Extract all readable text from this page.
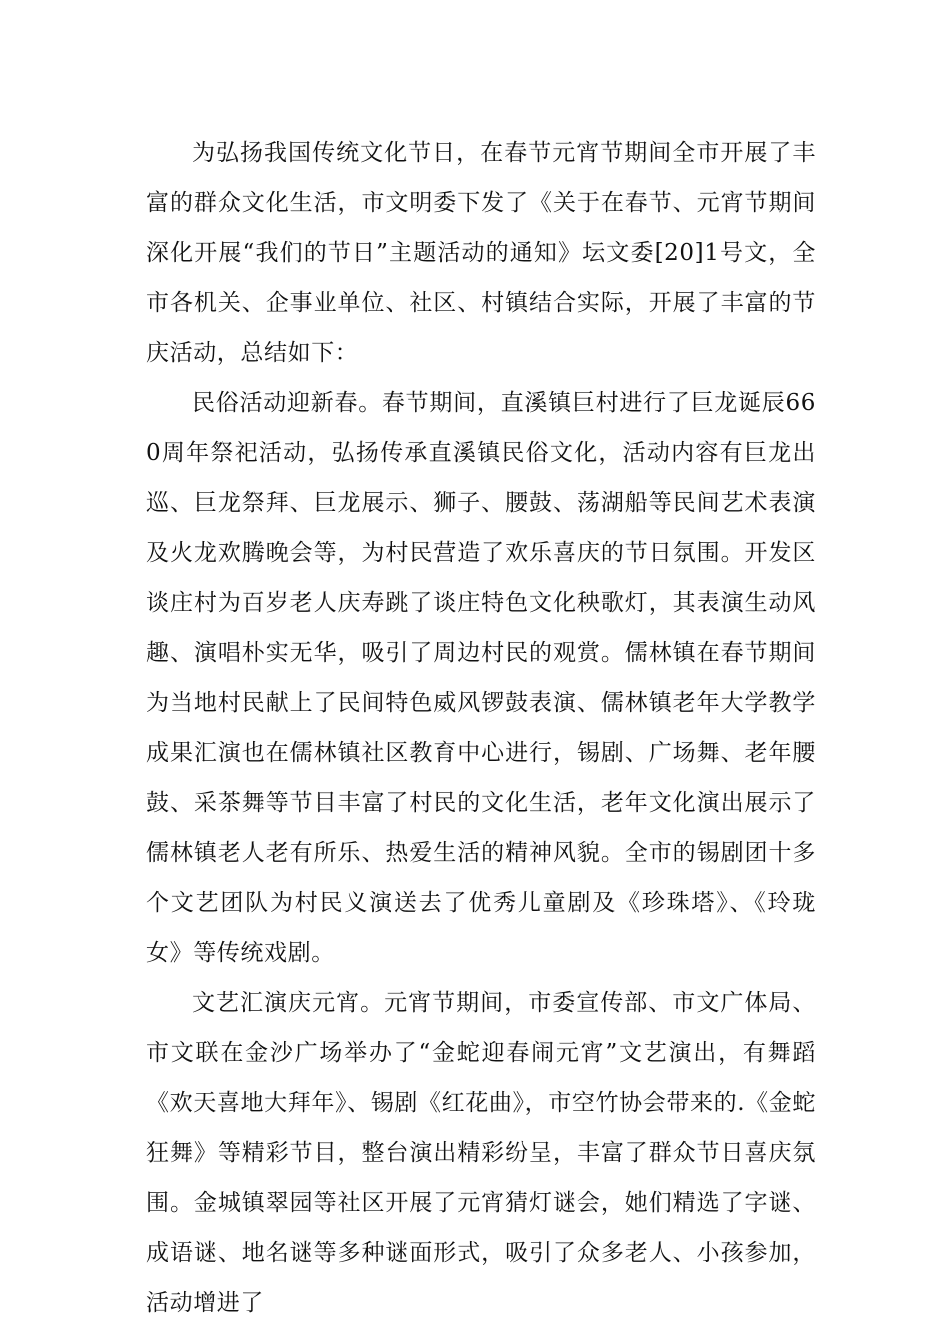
为弘扬我国传统文化节日，在春节元宵节期间全市开展了丰富的群众文化生活，市文明委下发了《关于在春节、元宵节期间深化开展“我们的节日”主题活动的通知》坛文委[20]1号文，全市各机关、企事业单位、社区、村镇结合实际，开展了丰富的节庆活动，总结如下：

民俗活动迎新春。春节期间，直溪镇巨村进行了巨龙诞辰660周年祭祀活动，弘扬传承直溪镇民俗文化，活动内容有巨龙出巡、巨龙祭拜、巨龙展示、狮子、腰鼓、荡湖船等民间艺术表演及火龙欢腾晚会等，为村民营造了欢乐喜庆的节日氛围。开发区谈庄村为百岁老人庆寿跳了谈庄特色文化秧歌灯，其表演生动风趣、演唱朴实无华，吸引了周边村民的观赏。儒林镇在春节期间为当地村民献上了民间特色威风锣鼓表演、儒林镇老年大学教学成果汇演也在儒林镇社区教育中心进行，锡剧、广场舞、老年腰鼓、采茶舞等节目丰富了村民的文化生活，老年文化演出展示了儒林镇老人老有所乐、热爱生活的精神风貌。全市的锡剧团十多个文艺团队为村民义演送去了优秀儿童剧及《珍珠塔》、《玲珑女》等传统戏剧。

文艺汇演庆元宵。元宵节期间，市委宣传部、市文广体局、市文联在金沙广场举办了“金蛇迎春闹元宵”文艺演出，有舞蹈《欢天喜地大拜年》、锡剧《红花曲》，市空竹协会带来的.《金蛇狂舞》等精彩节目，整台演出精彩纷呈，丰富了群众节日喜庆氛围。金城镇翠园等社区开展了元宵猜灯谜会，她们精选了字谜、成语谜、地名谜等多种谜面形式，吸引了众多老人、小孩参加，活动增进了
